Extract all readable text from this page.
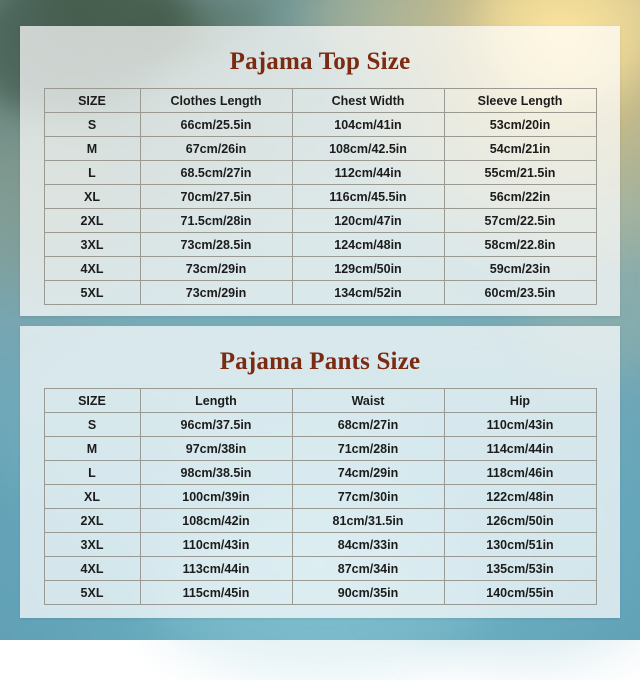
Pajama Top Size
SIZE	Clothes Length	Chest Width	Sleeve Length
S	66cm/25.5in	104cm/41in	53cm/20in
M	67cm/26in	108cm/42.5in	54cm/21in
L	68.5cm/27in	112cm/44in	55cm/21.5in
XL	70cm/27.5in	116cm/45.5in	56cm/22in
2XL	71.5cm/28in	120cm/47in	57cm/22.5in
3XL	73cm/28.5in	124cm/48in	58cm/22.8in
4XL	73cm/29in	129cm/50in	59cm/23in
5XL	73cm/29in	134cm/52in	60cm/23.5in
Pajama Pants Size
SIZE	Length	Waist	Hip
S	96cm/37.5in	68cm/27in	110cm/43in
M	97cm/38in	71cm/28in	114cm/44in
L	98cm/38.5in	74cm/29in	118cm/46in
XL	100cm/39in	77cm/30in	122cm/48in
2XL	108cm/42in	81cm/31.5in	126cm/50in
3XL	110cm/43in	84cm/33in	130cm/51in
4XL	113cm/44in	87cm/34in	135cm/53in
5XL	115cm/45in	90cm/35in	140cm/55in
